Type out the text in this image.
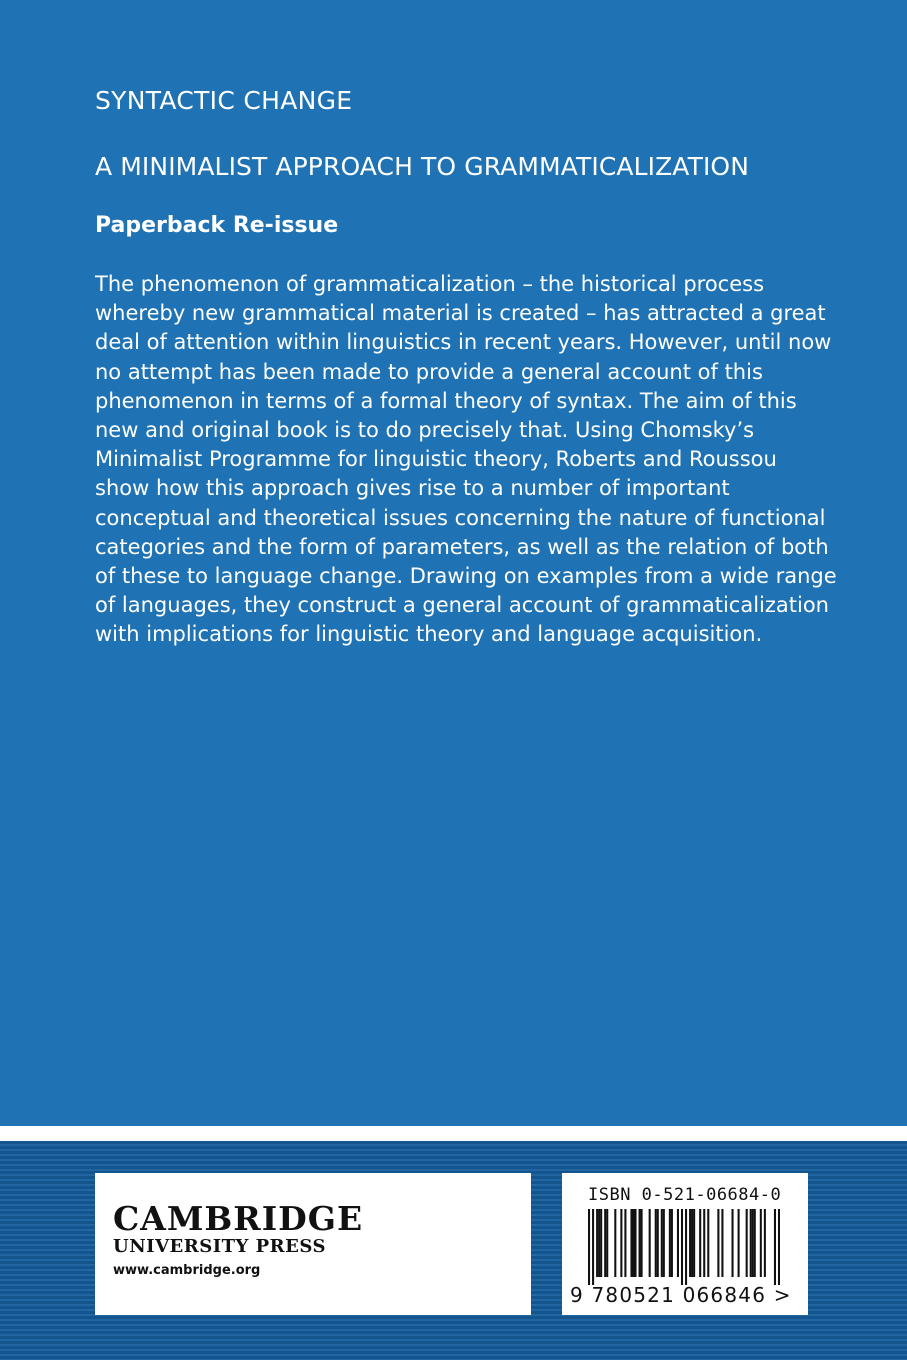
SYNTACTIC CHANGE
A MINIMALIST APPROACH TO GRAMMATICALIZATION

Paperback Re-issue

The phenomenon of grammaticalization – the historical process
whereby new grammatical material is created – has attracted a great
deal of attention within linguistics in recent years. However, until now
no attempt has been made to provide a general account of this
phenomenon in terms of a formal theory of syntax. The aim of this
new and original book is to do precisely that. Using Chomsky’s
Minimalist Programme for linguistic theory, Roberts and Roussou
show how this approach gives rise to a number of important
conceptual and theoretical issues concerning the nature of functional
categories and the form of parameters, as well as the relation of both
of these to language change. Drawing on examples from a wide range
of languages, they construct a general account of grammaticalization
with implications for linguistic theory and language acquisition.

CAMBRIDGE

UNIVERSITY PRESS

www.cambridge.org

ISBN 0-521-06684-0

9 780521 066846 >
